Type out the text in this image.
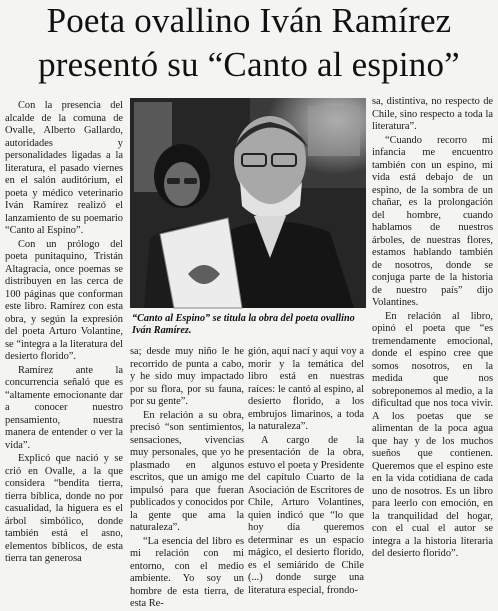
Poeta ovallino Iván Ramírez
presentó su “Canto al espino”

Con la presencia del alcalde de la comuna de Ovalle, Alberto Gallardo, autoridades y personalidades ligadas a la literatura, el pasado viernes en el salón auditórium, el poeta y médico veterinario Iván Ramírez realizó el lanzamiento de su poemario “Canto al Espino”.

Con un prólogo del poeta punitaquino, Tristán Altagracia, once poemas se distribuyen en las cerca de 100 páginas que conforman este libro. Ramírez con esta obra, y según la expresión del poeta Arturo Volantine, se “integra a la literatura del desierto florido”.

Ramírez ante la concurrencia señaló que es “altamente emocionante dar a conocer nuestro pensamiento, nuestra manera de entender o ver la vida”.

Explicó que nació y se crió en Ovalle, a la que considera “bendita tierra, tierra bíblica, donde no por casualidad, la higuera es el árbol simbólico, donde también está el asno, elementos bíblicos, de esta tierra tan generosa

“Canto al Espino” se titula la obra del poeta ovallino Iván Ramírez.

sa; desde muy niño le he recorrido de punta a cabo, y he sido muy impactado por su flora, por su fauna, por su gente”.

En relación a su obra, precisó “son sentimientos, sensaciones, vivencias muy personales, que yo he plasmado en algunos escritos, que un amigo me impulsó para que fueran publicados y conocidos por la gente que ama la naturaleza”.

“La esencia del libro es mi relación con mi entorno, con el medio ambiente. Yo soy un hombre de esta tierra, de esta Re-

gión, aquí nací y aquí voy a morir y la temática del libro está en nuestras raíces: le cantó al espino, al desierto florido, a los embrujos limarinos, a toda la naturaleza”.

A cargo de la presentación de la obra, estuvo el poeta y Presidente del capítulo Cuarto de la Asociación de Escritores de Chile, Arturo Volantines, quien indicó que “lo que hoy día queremos determinar es un espacio mágico, el desierto florido, es el semiárido de Chile (...) donde surge una literatura especial, frondo-

sa, distintiva, no respecto de Chile, sino respecto a toda la literatura”.

“Cuando recorro mi infancia me encuentro también con un espino, mi vida está debajo de un espino, de la sombra de un chañar, es la prolongación del hombre, cuando hablamos de nuestros árboles, de nuestras flores, estamos hablando también de nosotros, donde se conjuga parte de la historia de nuestro país” dijo Volantines.

En relación al libro, opinó el poeta que “es tremendamente emocional, donde el espino cree que somos nosotros, en la medida que nos sobreponemos al medio, a la dificultad que nos toca vivir. A los poetas que se alimentan de la poca agua que hay y de los muchos sueños que contienen. Queremos que el espino este en la vida cotidiana de cada uno de nosotros. Es un libro para leerlo con emoción, en la tranquilidad del hogar, con el cual el autor se integra a la historia literaria del desierto florido”.
